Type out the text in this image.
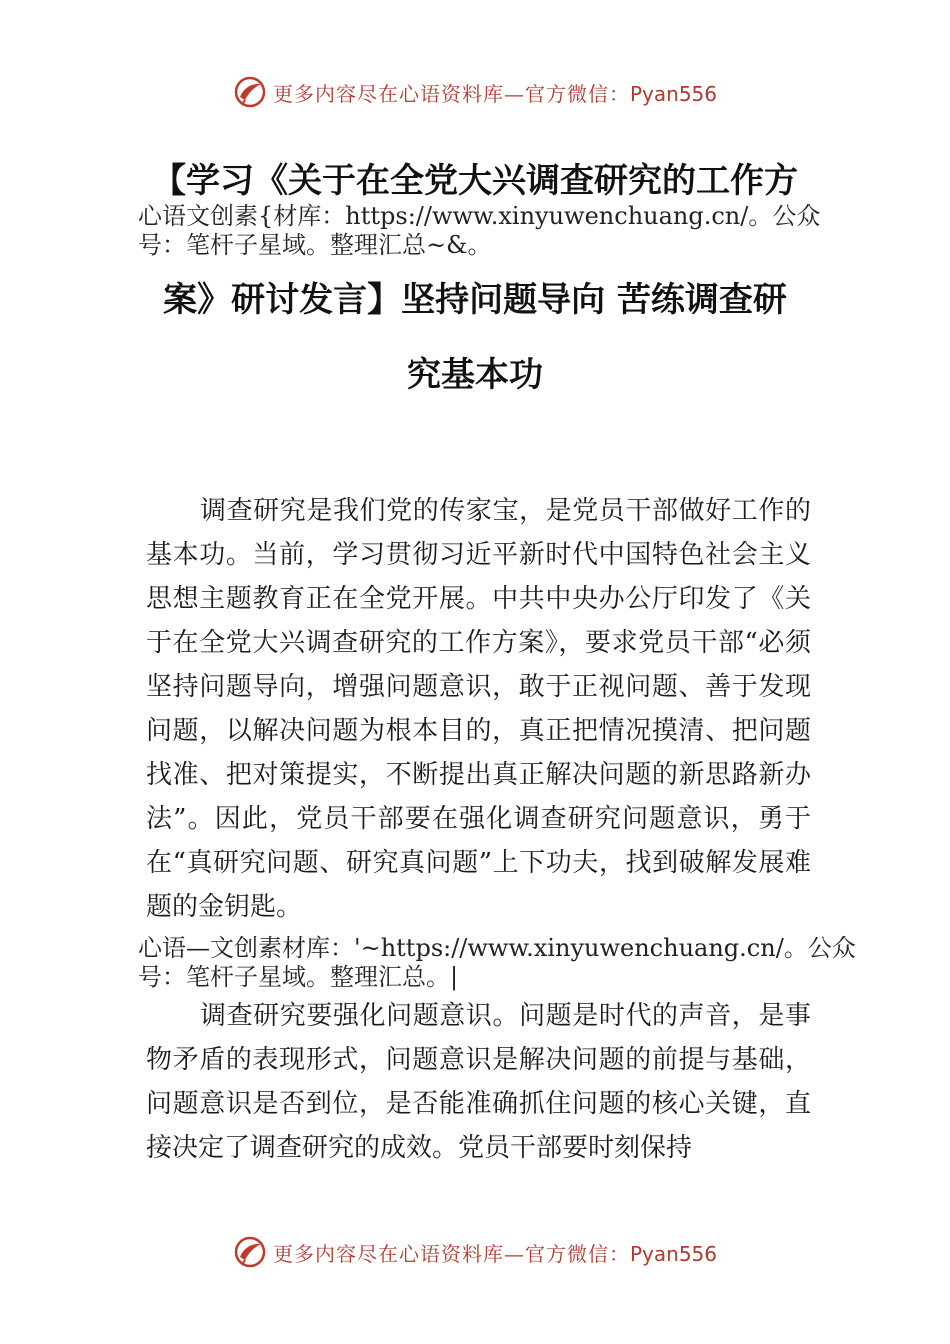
更多内容尽在心语资料库—官方微信：Pyan556
【学习《关于在全党大兴调查研究的工作方
心语文创素{材库：https://www.xinyuwenchuang.cn/。公众号：笔杆子星域。整理汇总~&。
案》研讨发言】坚持问题导向 苦练调查研
究基本功
调查研究是我们党的传家宝，是党员干部做好工作的基本功。当前，学习贯彻习近平新时代中国特色社会主义思想主题教育正在全党开展。中共中央办公厅印发了《关于在全党大兴调查研究的工作方案》，要求党员干部“必须坚持问题导向，增强问题意识，敢于正视问题、善于发现问题，以解决问题为根本目的，真正把情况摸清、把问题找准、把对策提实，不断提出真正解决问题的新思路新办法”。因此，党员干部要在强化调查研究问题意识，勇于在“真研究问题、研究真问题”上下功夫，找到破解发展难题的金钥匙。
心语—文创素材库：'~https://www.xinyuwenchuang.cn/。公众号：笔杆子星域。整理汇总。|
调查研究要强化问题意识。问题是时代的声音，是事物矛盾的表现形式，问题意识是解决问题的前提与基础，问题意识是否到位，是否能准确抓住问题的核心关键，直接决定了调查研究的成效。党员干部要时刻保持
更多内容尽在心语资料库—官方微信：Pyan556
